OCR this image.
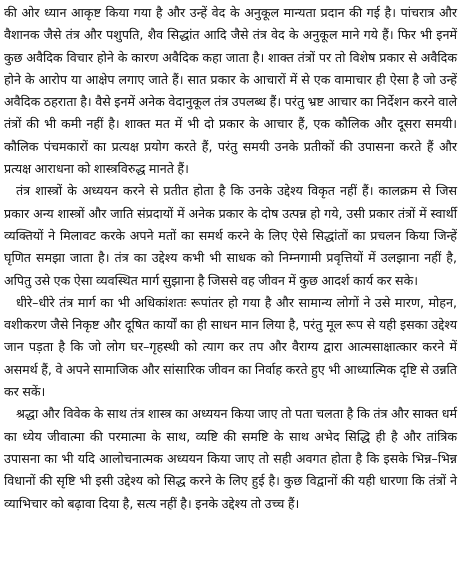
की ओर ध्यान आकृष्ट किया गया है और उन्हें वेद के अनुकूल मान्यता प्रदान की गई है। पांचरात्र और वैशानक जैसे तंत्र और पशुपति, शैव सिद्धांत आदि जैसे तंत्र वेद के अनुकूल माने गये हैं। फिर भी इनमें कुछ अवैदिक विचार होने के कारण अवैदिक कहा जाता है। शाक्त तंत्रों पर तो विशेष प्रकार से अवैदिक होने के आरोप या आक्षेप लगाए जाते हैं। सात प्रकार के आचारों में से एक वामाचार ही ऐसा है जो उन्हें अवैदिक ठहराता है। वैसे इनमें अनेक वेदानुकूल तंत्र उपलब्ध हैं। परंतु भ्रष्ट आचार का निर्देशन करने वाले तंत्रों की भी कमी नहीं है। शाक्त मत में भी दो प्रकार के आचार हैं, एक कौलिक और दूसरा समयी। कौलिक पंचमकारों का प्रत्यक्ष प्रयोग करते हैं, परंतु समयी उनके प्रतीकों की उपासना करते हैं और प्रत्यक्ष आराधना को शास्त्रविरुद्ध मानते हैं।

तंत्र शास्त्रों के अध्ययन करने से प्रतीत होता है कि उनके उद्देश्य विकृत नहीं हैं। कालक्रम से जिस प्रकार अन्य शास्त्रों और जाति संप्रदायों में अनेक प्रकार के दोष उत्पन्न हो गये, उसी प्रकार तंत्रों में स्वार्थी व्यक्तियों ने मिलावट करके अपने मतों का समर्थ करने के लिए ऐसे सिद्धांतों का प्रचलन किया जिन्हें घृणित समझा जाता है। तंत्र का उद्देश्य कभी भी साधक को निम्नगामी प्रवृत्तियों में उलझाना नहीं है, अपितु उसे एक ऐसा व्यवस्थित मार्ग सुझाना है जिससे वह जीवन में कुछ आदर्श कार्य कर सके।

धीरे–धीरे तंत्र मार्ग का भी अधिकांशतः रूपांतर हो गया है और सामान्य लोगों ने उसे मारण, मोहन, वशीकरण जैसे निकृष्ट और दूषित कार्यों का ही साधन मान लिया है, परंतु मूल रूप से यही इसका उद्देश्य जान पड़ता है कि जो लोग घर–गृहस्थी को त्याग कर तप और वैराग्य द्वारा आत्मसाक्षात्कार करने में असमर्थ हैं, वे अपने सामाजिक और सांसारिक जीवन का निर्वाह करते हुए भी आध्यात्मिक दृष्टि से उन्नति कर सकें।

श्रद्धा और विवेक के साथ तंत्र शास्त्र का अध्ययन किया जाए तो पता चलता है कि तंत्र और साक्त धर्म का ध्येय जीवात्मा की परमात्मा के साथ, व्यष्टि की समष्टि के साथ अभेद सिद्धि ही है और तांत्रिक उपासना का भी यदि आलोचनात्मक अध्ययन किया जाए तो सही अवगत होता है कि इसके भिन्न–भिन्न विधानों की सृष्टि भी इसी उद्देश्य को सिद्ध करने के लिए हुई है। कुछ विद्वानों की यही धारणा कि तंत्रों ने व्याभिचार को बढ़ावा दिया है, सत्य नहीं है। इनके उद्देश्य तो उच्च हैं।
